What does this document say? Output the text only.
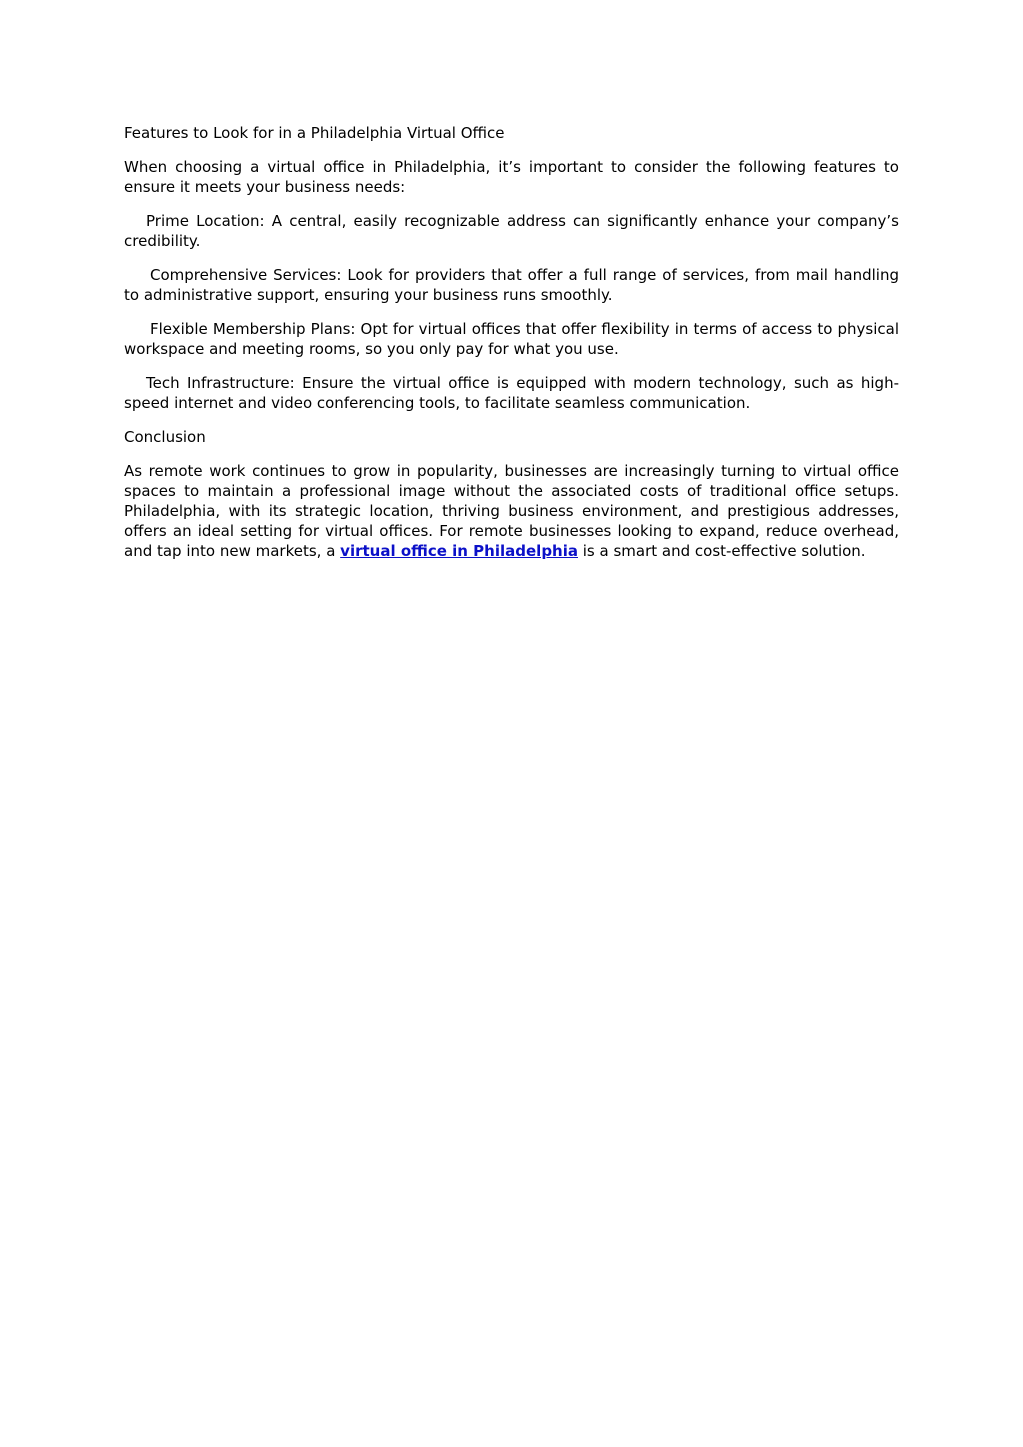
Features to Look for in a Philadelphia Virtual Office

When choosing a virtual office in Philadelphia, it’s important to consider the following features to ensure it meets your business needs:

Prime Location: A central, easily recognizable address can significantly enhance your company’s credibility.

Comprehensive Services: Look for providers that offer a full range of services, from mail handling to administrative support, ensuring your business runs smoothly.

Flexible Membership Plans: Opt for virtual offices that offer flexibility in terms of access to physical workspace and meeting rooms, so you only pay for what you use.

Tech Infrastructure: Ensure the virtual office is equipped with modern technology, such as high-speed internet and video conferencing tools, to facilitate seamless communication.

Conclusion

As remote work continues to grow in popularity, businesses are increasingly turning to virtual office spaces to maintain a professional image without the associated costs of traditional office setups. Philadelphia, with its strategic location, thriving business environment, and prestigious addresses, offers an ideal setting for virtual offices. For remote businesses looking to expand, reduce overhead, and tap into new markets, a virtual office in Philadelphia is a smart and cost-effective solution.
